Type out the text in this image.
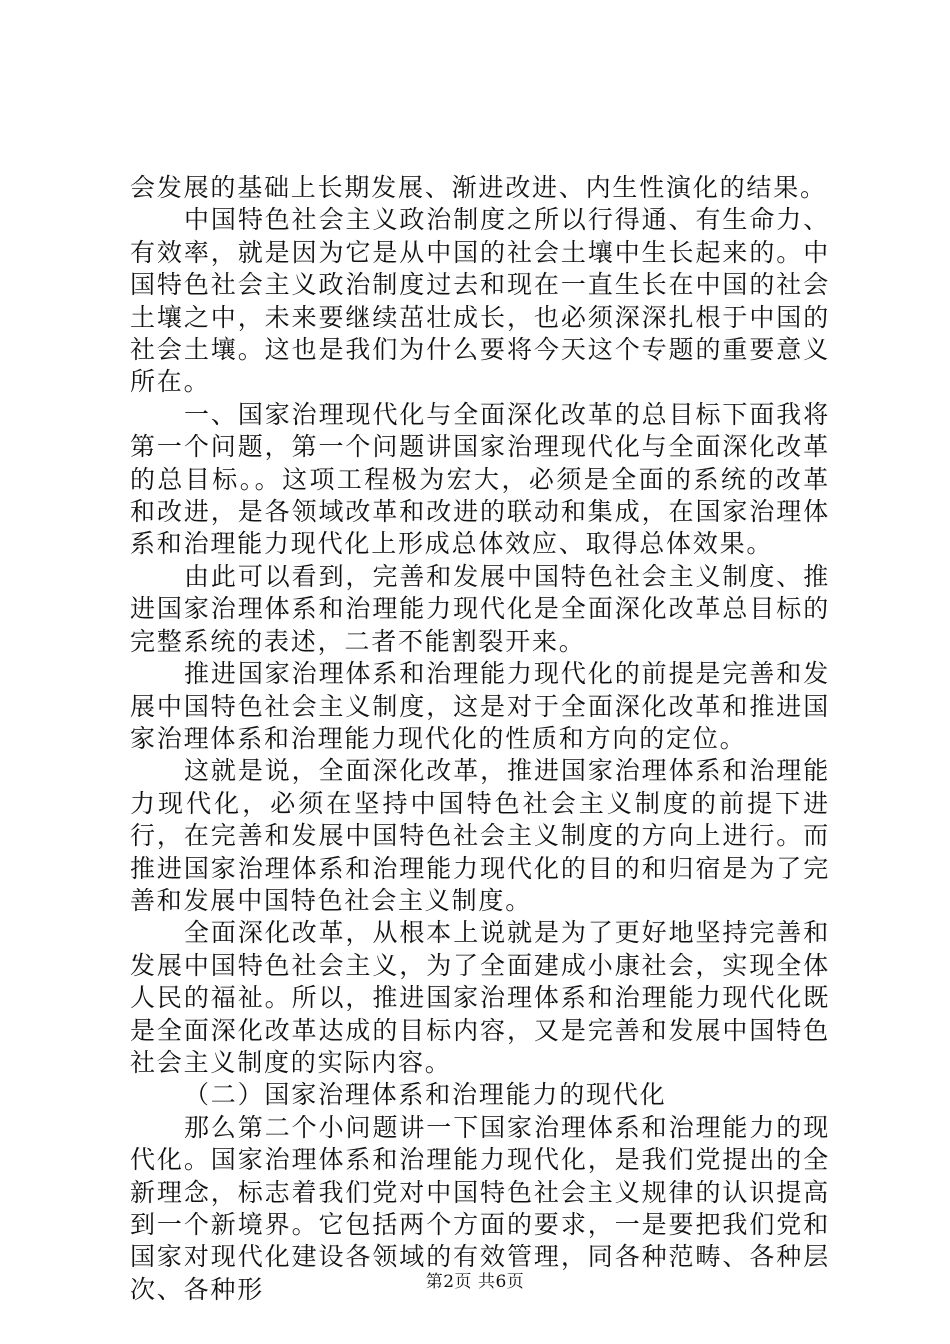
会发展的基础上长期发展、渐进改进、内生性演化的结果。

中国特色社会主义政治制度之所以行得通、有生命力、有效率，就是因为它是从中国的社会土壤中生长起来的。中国特色社会主义政治制度过去和现在一直生长在中国的社会土壤之中，未来要继续茁壮成长，也必须深深扎根于中国的社会土壤。这也是我们为什么要将今天这个专题的重要意义所在。

一、国家治理现代化与全面深化改革的总目标下面我将第一个问题，第一个问题讲国家治理现代化与全面深化改革的总目标。。这项工程极为宏大，必须是全面的系统的改革和改进，是各领域改革和改进的联动和集成，在国家治理体系和治理能力现代化上形成总体效应、取得总体效果。

由此可以看到，完善和发展中国特色社会主义制度、推进国家治理体系和治理能力现代化是全面深化改革总目标的完整系统的表述，二者不能割裂开来。

推进国家治理体系和治理能力现代化的前提是完善和发展中国特色社会主义制度，这是对于全面深化改革和推进国家治理体系和治理能力现代化的性质和方向的定位。

这就是说，全面深化改革，推进国家治理体系和治理能力现代化，必须在坚持中国特色社会主义制度的前提下进行，在完善和发展中国特色社会主义制度的方向上进行。而推进国家治理体系和治理能力现代化的目的和归宿是为了完善和发展中国特色社会主义制度。

全面深化改革，从根本上说就是为了更好地坚持完善和发展中国特色社会主义，为了全面建成小康社会，实现全体人民的福祉。所以，推进国家治理体系和治理能力现代化既是全面深化改革达成的目标内容，又是完善和发展中国特色社会主义制度的实际内容。

（二）国家治理体系和治理能力的现代化

那么第二个小问题讲一下国家治理体系和治理能力的现代化。国家治理体系和治理能力现代化，是我们党提出的全新理念，标志着我们党对中国特色社会主义规律的认识提高到一个新境界。它包括两个方面的要求，一是要把我们党和国家对现代化建设各领域的有效管理，同各种范畴、各种层次、各种形	第2页 共6页
